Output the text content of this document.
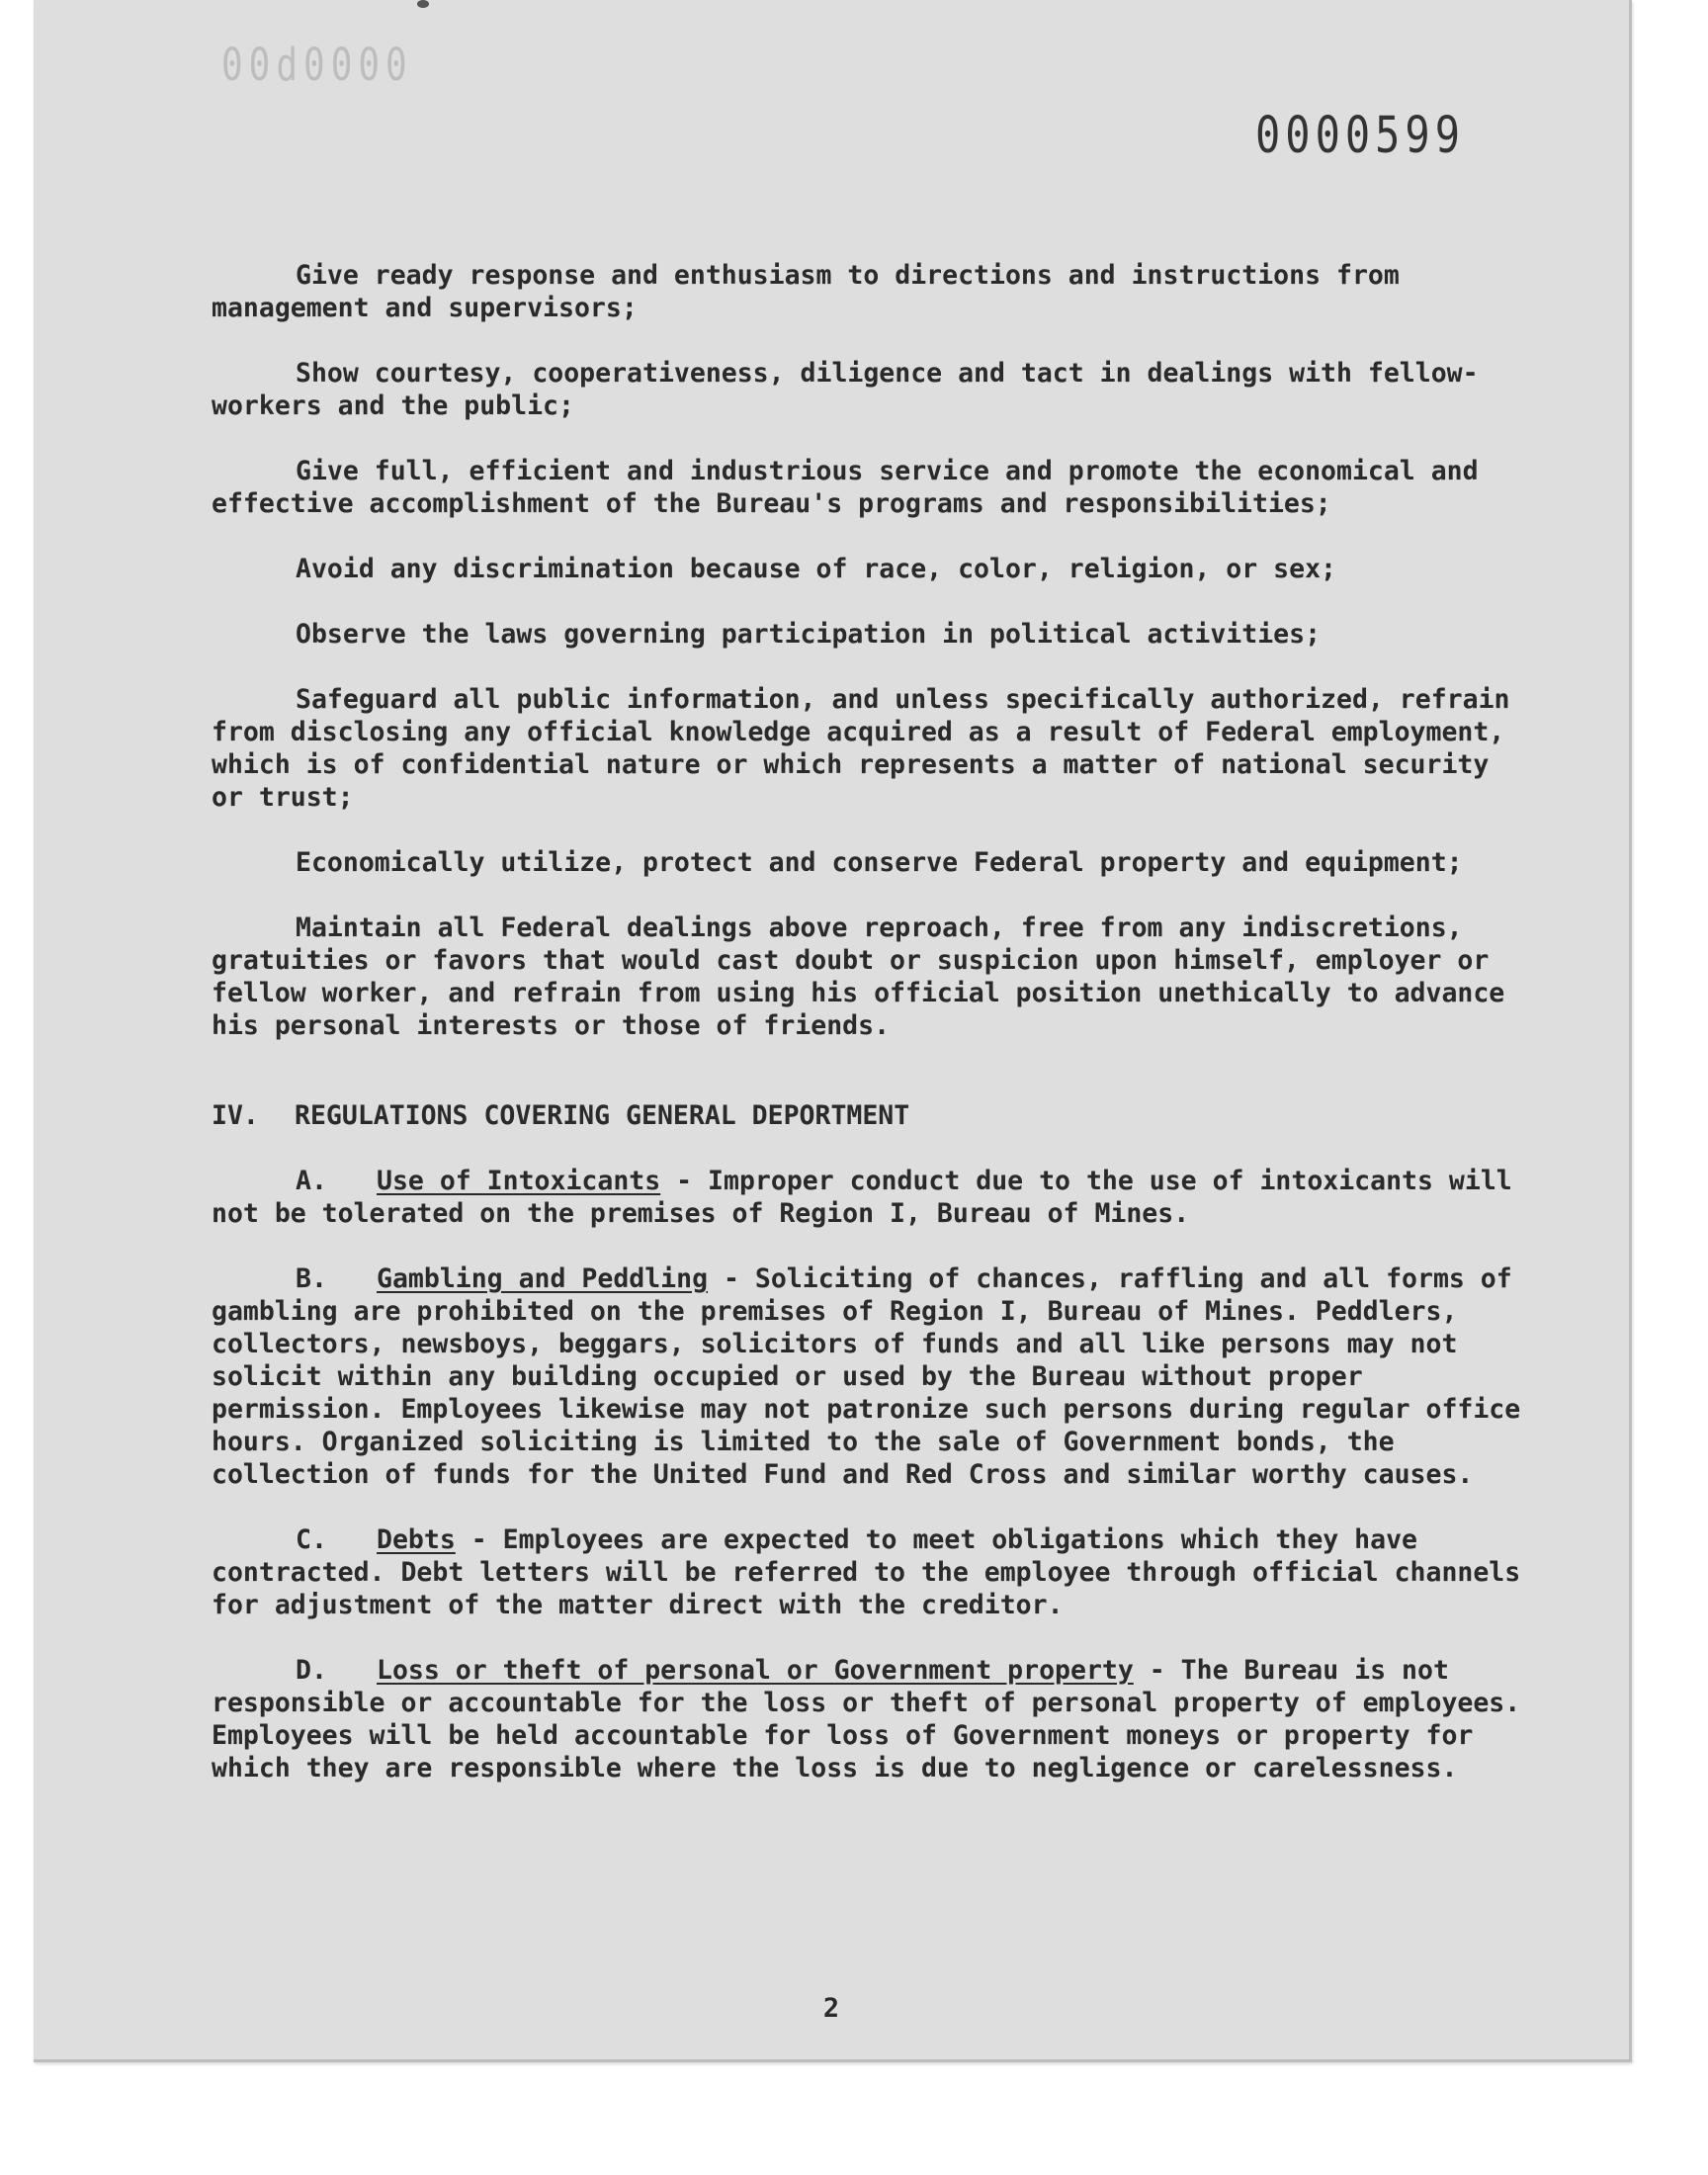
00d0000
0000599
2

Give ready response and enthusiasm to directions and instructions from management and supervisors;

Show courtesy, cooperativeness, diligence and tact in dealings with fellow-workers and the public;

Give full, efficient and industrious service and promote the economical and effective accomplishment of the Bureau's programs and responsibilities;

Avoid any discrimination because of race, color, religion, or sex;

Observe the laws governing participation in political activities;

Safeguard all public information, and unless specifically authorized, refrain from disclosing any official knowledge acquired as a result of Federal employment, which is of confidential nature or which represents a matter of national security or trust;

Economically utilize, protect and conserve Federal property and equipment;

Maintain all Federal dealings above reproach, free from any indiscretions, gratuities or favors that would cast doubt or suspicion upon himself, employer or fellow worker, and refrain from using his official position unethically to advance his personal interests or those of friends.

IV. REGULATIONS COVERING GENERAL DEPORTMENT

A. Use of Intoxicants - Improper conduct due to the use of intoxicants will not be tolerated on the premises of Region I, Bureau of Mines.

B. Gambling and Peddling - Soliciting of chances, raffling and all forms of gambling are prohibited on the premises of Region I, Bureau of Mines. Peddlers, collectors, newsboys, beggars, solicitors of funds and all like persons may not solicit within any building occupied or used by the Bureau without proper permission. Employees likewise may not patronize such persons during regular office hours. Organized soliciting is limited to the sale of Government bonds, the collection of funds for the United Fund and Red Cross and similar worthy causes.

C. Debts - Employees are expected to meet obligations which they have contracted. Debt letters will be referred to the employee through official channels for adjustment of the matter direct with the creditor.

D. Loss or theft of personal or Government property - The Bureau is not responsible or accountable for the loss or theft of personal property of employees. Employees will be held accountable for loss of Government moneys or property for which they are responsible where the loss is due to negligence or carelessness.
